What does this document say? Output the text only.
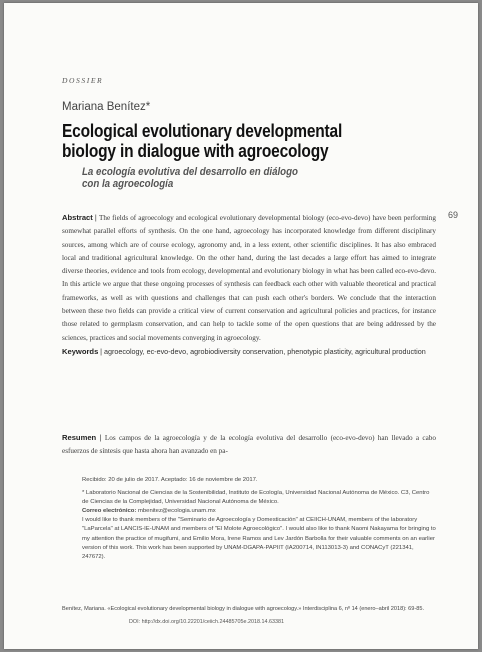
DOSSIER
Mariana Benítez*
Ecological evolutionary developmental
biology in dialogue with agroecology
La ecología evolutiva del desarrollo en diálogo
con la agroecología
69
Abstract | The fields of agroecology and ecological evolutionary developmental biology (eco-evo-devo) have been performing somewhat parallel efforts of synthesis. On the one hand, agroecology has incorporated knowledge from different disciplinary sources, among which are of course ecology, agronomy and, in a less extent, other scientific disciplines. It has also embraced local and traditional agricultural knowledge. On the other hand, during the last decades a large effort has aimed to integrate diverse theories, evidence and tools from ecology, developmental and evolutionary biology in what has been called eco-evo-devo. In this article we argue that these ongoing processes of synthesis can feedback each other with valuable theoretical and practical frameworks, as well as with questions and challenges that can push each other's borders. We conclude that the interaction between these two fields can provide a critical view of current conservation and agricultural policies and practices, for instance those related to germplasm conservation, and can help to tackle some of the open questions that are being addressed by the sciences, practices and social movements converging in agroecology.
Keywords | agroecology, ec-evo-devo, agrobiodiversity conservation, phenotypic plasticity, agricultural production
Resumen | Los campos de la agroecología y de la ecología evolutiva del desarrollo (eco-evo-devo) han llevado a cabo esfuerzos de síntesis que hasta ahora han avanzado en pa-

Recibido: 20 de julio de 2017. Aceptado: 16 de noviembre de 2017.

* Laboratorio Nacional de Ciencias de la Sostenibilidad, Instituto de Ecología, Universidad Nacional Autónoma de México. C3, Centro de Ciencias de la Complejidad, Universidad Nacional Autónoma de México.

Correo electrónico: mbenitez@ecologia.unam.mx

I would like to thank members of the "Seminario de Agroecología y Domesticación" at CEIICH-UNAM, members of the laboratory "LaParcela" at LANCIS-IE-UNAM and members of "El Molote Agroecológico". I would also like to thank Naomi Nakayama for bringing to my attention the practice of mugifumi, and Emilio Mora, Irene Ramos and Lev Jardón Barbolla for their valuable comments on an earlier version of this work. This work has been supported by UNAM-DGAPA-PAPIIT (IA200714, IN113013-3) and CONACyT (221341, 247672).

Benítez, Mariana. «Ecological evolutionary developmental biology in dialogue with agroecology.» Interdisciplina 6, nº 14 (enero–abril 2018): 69-85.
DOI: http://dx.doi.org/10.22201/ceiich.24485705e.2018.14.63381
